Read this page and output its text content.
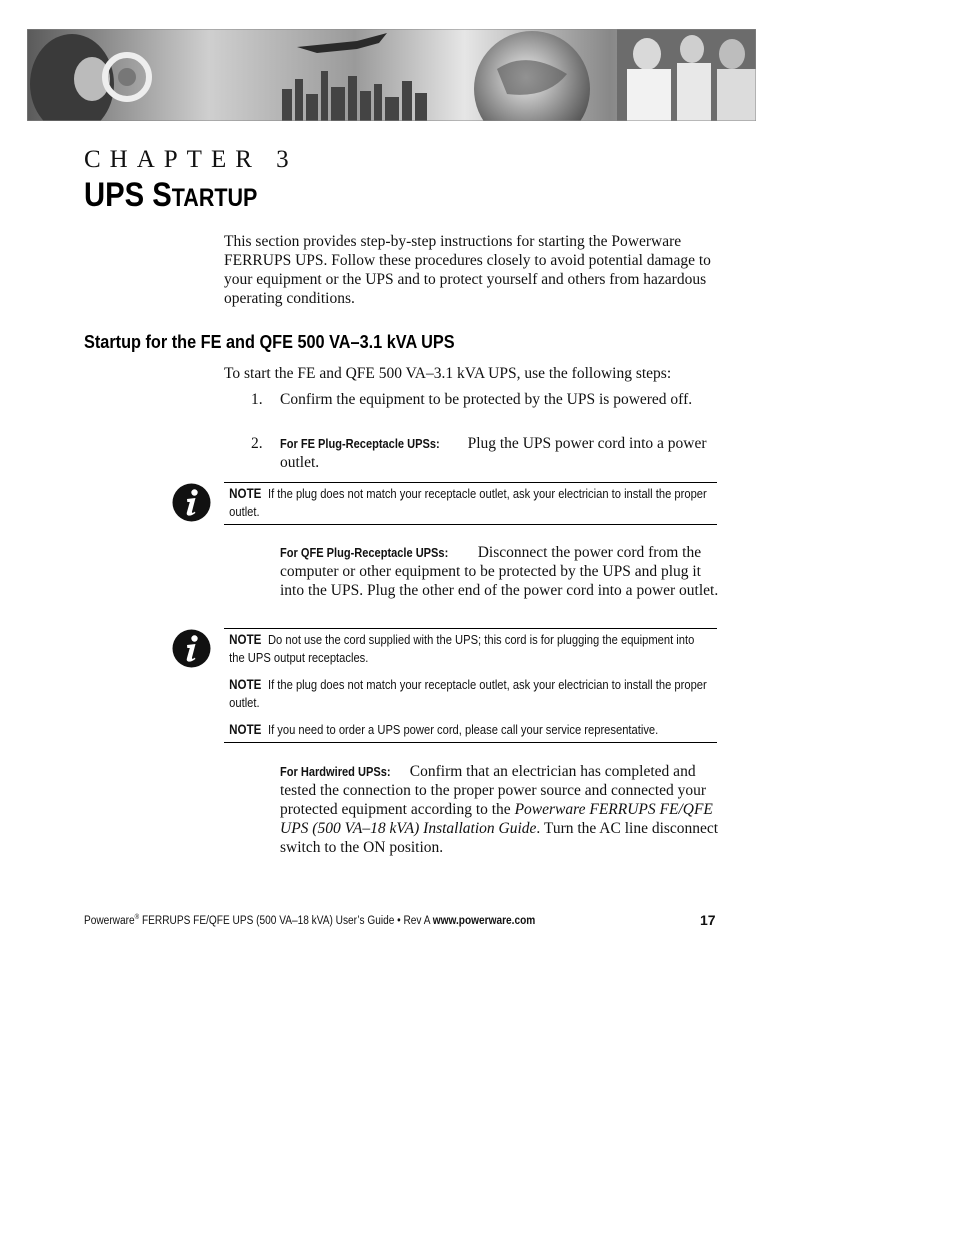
CHAPTER 3
UPS STARTUP
This section provides step-by-step instructions for starting the Powerware FERRUPS UPS. Follow these procedures closely to avoid potential damage to your equipment or the UPS and to protect yourself and others from hazardous operating conditions.
Startup for the FE and QFE 500 VA–3.1 kVA UPS
To start the FE and QFE 500 VA–3.1 kVA UPS, use the following steps:
1. Confirm the equipment to be protected by the UPS is powered off.
2. For FE Plug-Receptacle UPSs: Plug the UPS power cord into a power outlet.
NOTE If the plug does not match your receptacle outlet, ask your electrician to install the proper outlet.
For QFE Plug-Receptacle UPSs: Disconnect the power cord from the computer or other equipment to be protected by the UPS and plug it into the UPS. Plug the other end of the power cord into a power outlet.
NOTE Do not use the cord supplied with the UPS; this cord is for plugging the equipment into the UPS output receptacles.
NOTE If the plug does not match your receptacle outlet, ask your electrician to install the proper outlet.
NOTE If you need to order a UPS power cord, please call your service representative.
For Hardwired UPSs: Confirm that an electrician has completed and tested the connection to the proper power source and connected your protected equipment according to the Powerware FERRUPS FE/QFE UPS (500 VA–18 kVA) Installation Guide. Turn the AC line disconnect switch to the ON position.
Powerware® FERRUPS FE/QFE UPS (500 VA–18 kVA) User’s Guide • Rev A www.powerware.com	17
